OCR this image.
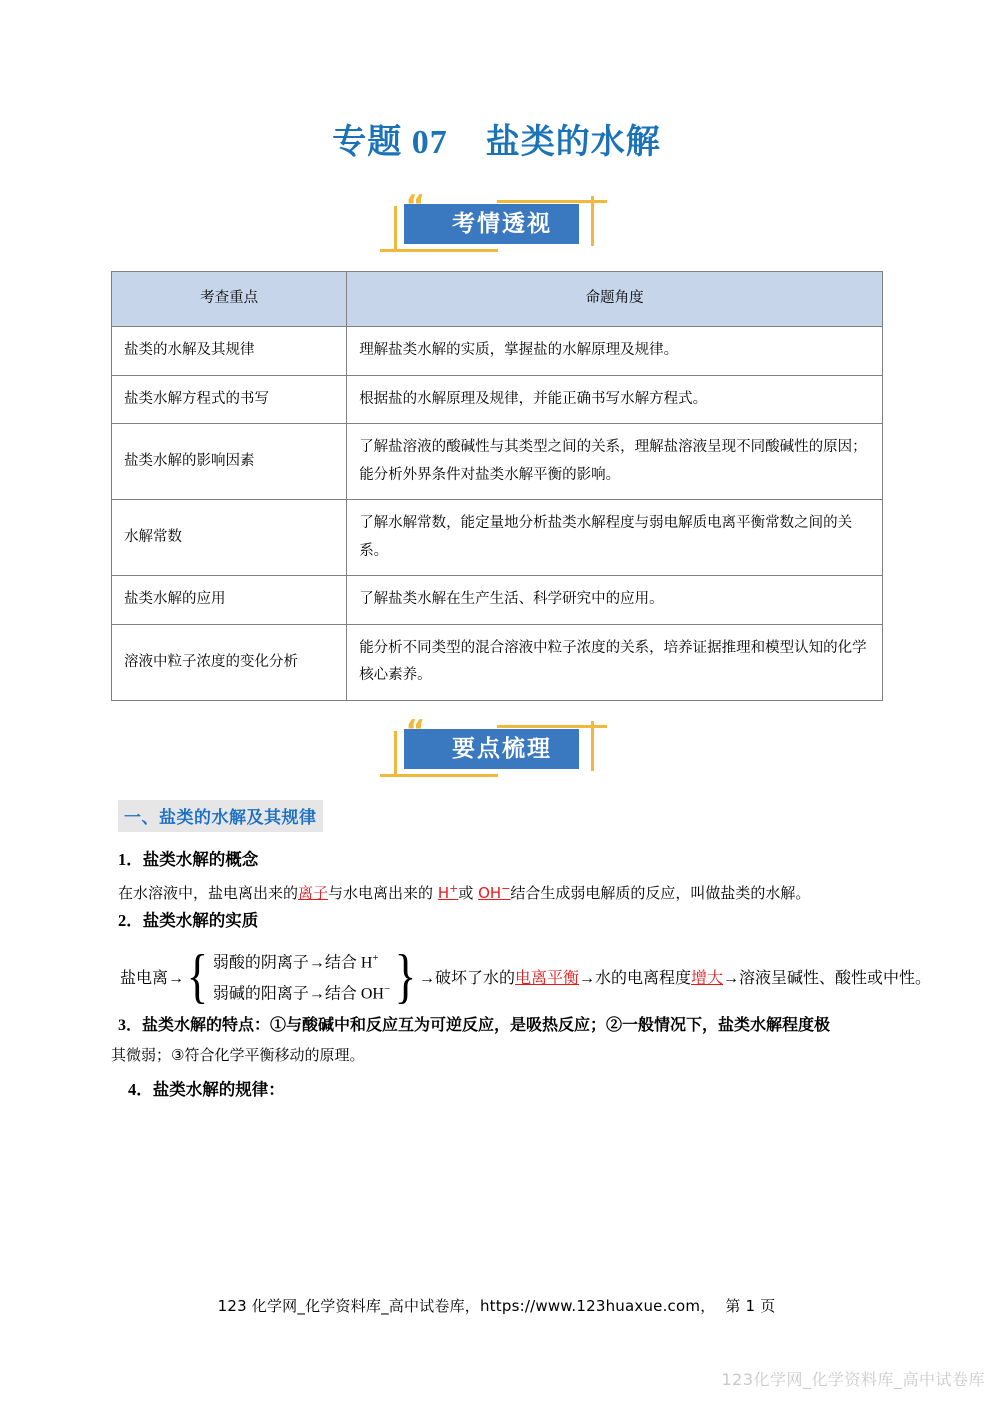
专题 07    盐类的水解
考情透视
“
考查重点	命题角度
盐类的水解及其规律	理解盐类水解的实质，掌握盐的水解原理及规律。
盐类水解方程式的书写	根据盐的水解原理及规律，并能正确书写水解方程式。
盐类水解的影响因素	了解盐溶液的酸碱性与其类型之间的关系，理解盐溶液呈现不同酸碱性的原因；能分析外界条件对盐类水解平衡的影响。
水解常数	了解水解常数，能定量地分析盐类水解程度与弱电解质电离平衡常数之间的关系。
盐类水解的应用	了解盐类水解在生产生活、科学研究中的应用。
溶液中粒子浓度的变化分析	能分析不同类型的混合溶液中粒子浓度的关系，培养证据推理和模型认知的化学核心素养。
要点梳理
“
一、盐类的水解及其规律
1．盐类水解的概念
在水溶液中，盐电离出来的离子与水电离出来的 H+或 OH−结合生成弱电解质的反应，叫做盐类的水解。
2．盐类水解的实质
盐电离→ { 弱酸的阴离子→结合 H+
弱碱的阳离子→结合 OH− } →破坏了水的 电离平衡 →水的电离程度 增大 →溶液呈碱性、酸性或中性。
3．盐类水解的特点：①与酸碱中和反应互为可逆反应，是吸热反应；②一般情况下，盐类水解程度极
其微弱；③符合化学平衡移动的原理。
4．盐类水解的规律：
123 化学网_化学资料库_高中试卷库，https://www.123huaxue.com，  第 1 页
123化学网_化学资料库_高中试卷库
